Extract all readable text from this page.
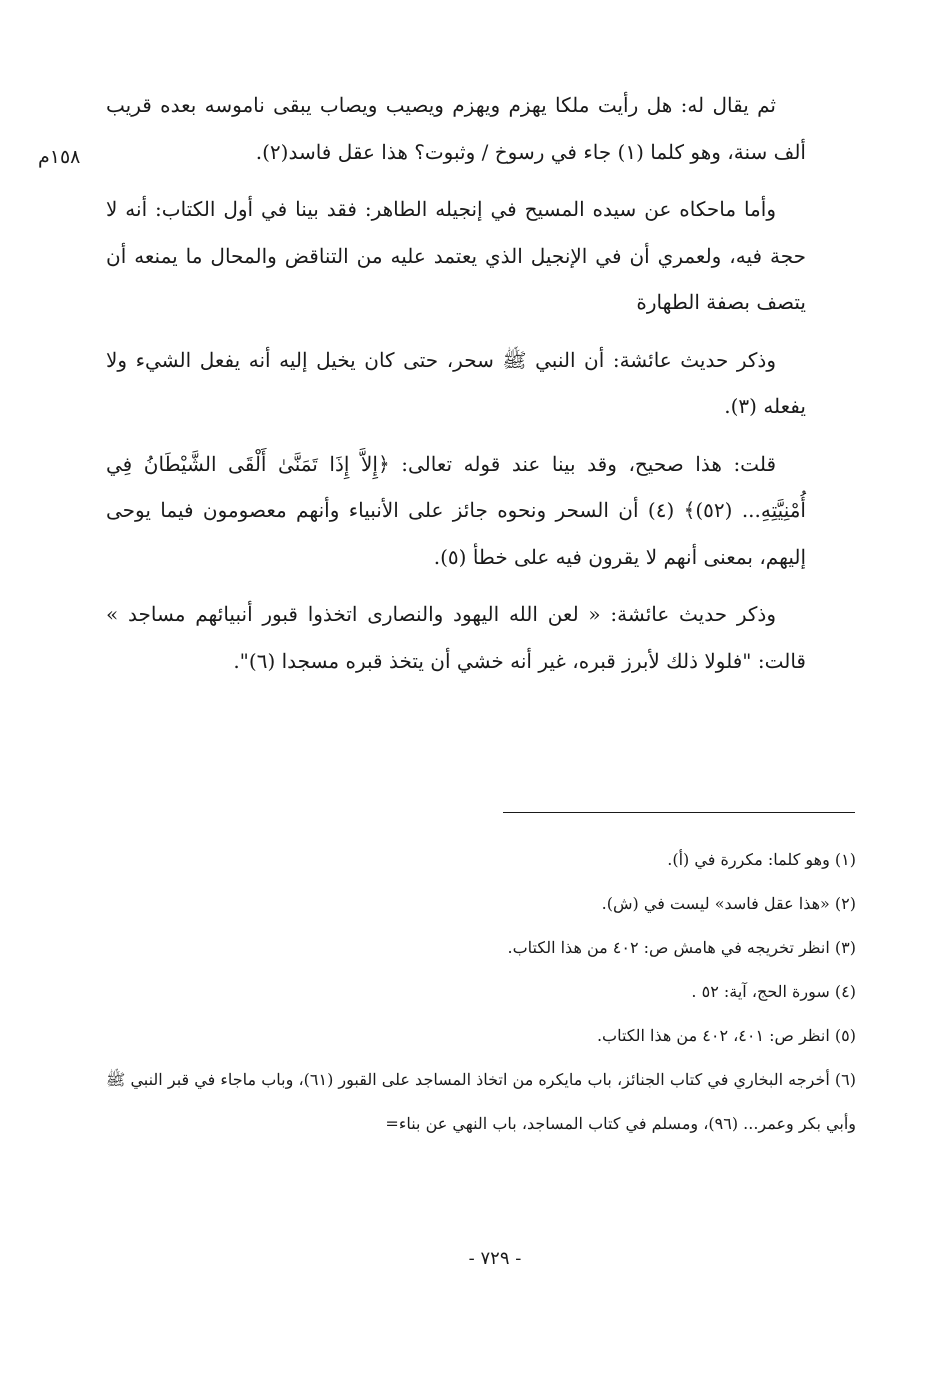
١٥٨م

ثم يقال له: هل رأيت ملكا يهزم ويهزم ويصيب ويصاب يبقى ناموسه بعده قريب ألف سنة، وهو كلما (١) جاء في رسوخ / وثبوت؟ هذا عقل فاسد(٢).

وأما ماحكاه عن سيده المسيح في إنجيله الطاهر: فقد بينا في أول الكتاب: أنه لا حجة فيه، ولعمري أن في الإنجيل الذي يعتمد عليه من التناقض والمحال ما يمنعه أن يتصف بصفة الطهارة

وذكر حديث عائشة: أن النبي ﷺ سحر، حتى كان يخيل إليه أنه يفعل الشيء ولا يفعله (٣).

قلت: هذا صحيح، وقد بينا عند قوله تعالى: ﴿إِلاَّ إِذَا تَمَنَّىٰ أَلْقَى الشَّيْطَانُ فِي أُمْنِيَّتِهِ... (٥٢)﴾ (٤) أن السحر ونحوه جائز على الأنبياء وأنهم معصومون فيما يوحى إليهم، بمعنى أنهم لا يقرون فيه على خطأ (٥).

وذكر حديث عائشة: « لعن الله اليهود والنصارى اتخذوا قبور أنبيائهم مساجد » قالت: "فلولا ذلك لأبرز قبره، غير أنه خشي أن يتخذ قبره مسجدا (٦)".

(١) وهو كلما: مكررة في (أ).

(٢) «هذا عقل فاسد» ليست في (ش).

(٣) انظر تخريجه في هامش ص: ٤٠٢ من هذا الكتاب.

(٤) سورة الحج، آية: ٥٢ .

(٥) انظر ص: ٤٠١، ٤٠٢ من هذا الكتاب.

(٦) أخرجه البخاري في كتاب الجنائز، باب مايكره من اتخاذ المساجد على القبور (٦١)، وباب ماجاء في قبر النبي ﷺ وأبي بكر وعمر... (٩٦)، ومسلم في كتاب المساجد، باب النهي عن بناء=

- ٧٢٩ -
